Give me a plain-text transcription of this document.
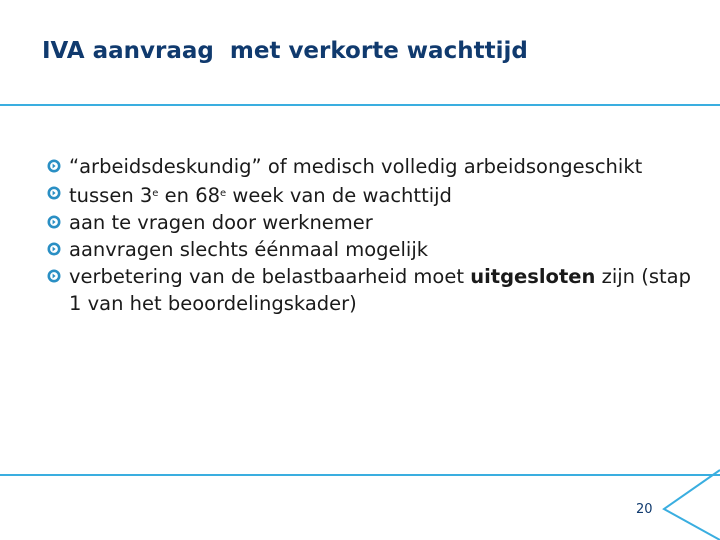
IVA aanvraag  met verkorte wachttijd
“arbeidsdeskundig” of medisch volledig arbeidsongeschikt
tussen 3e en 68e week van de wachttijd
aan te vragen door werknemer
aanvragen slechts éénmaal mogelijk
verbetering van de belastbaarheid moet uitgesloten zijn (stap 1 van het beoordelingskader)
20
